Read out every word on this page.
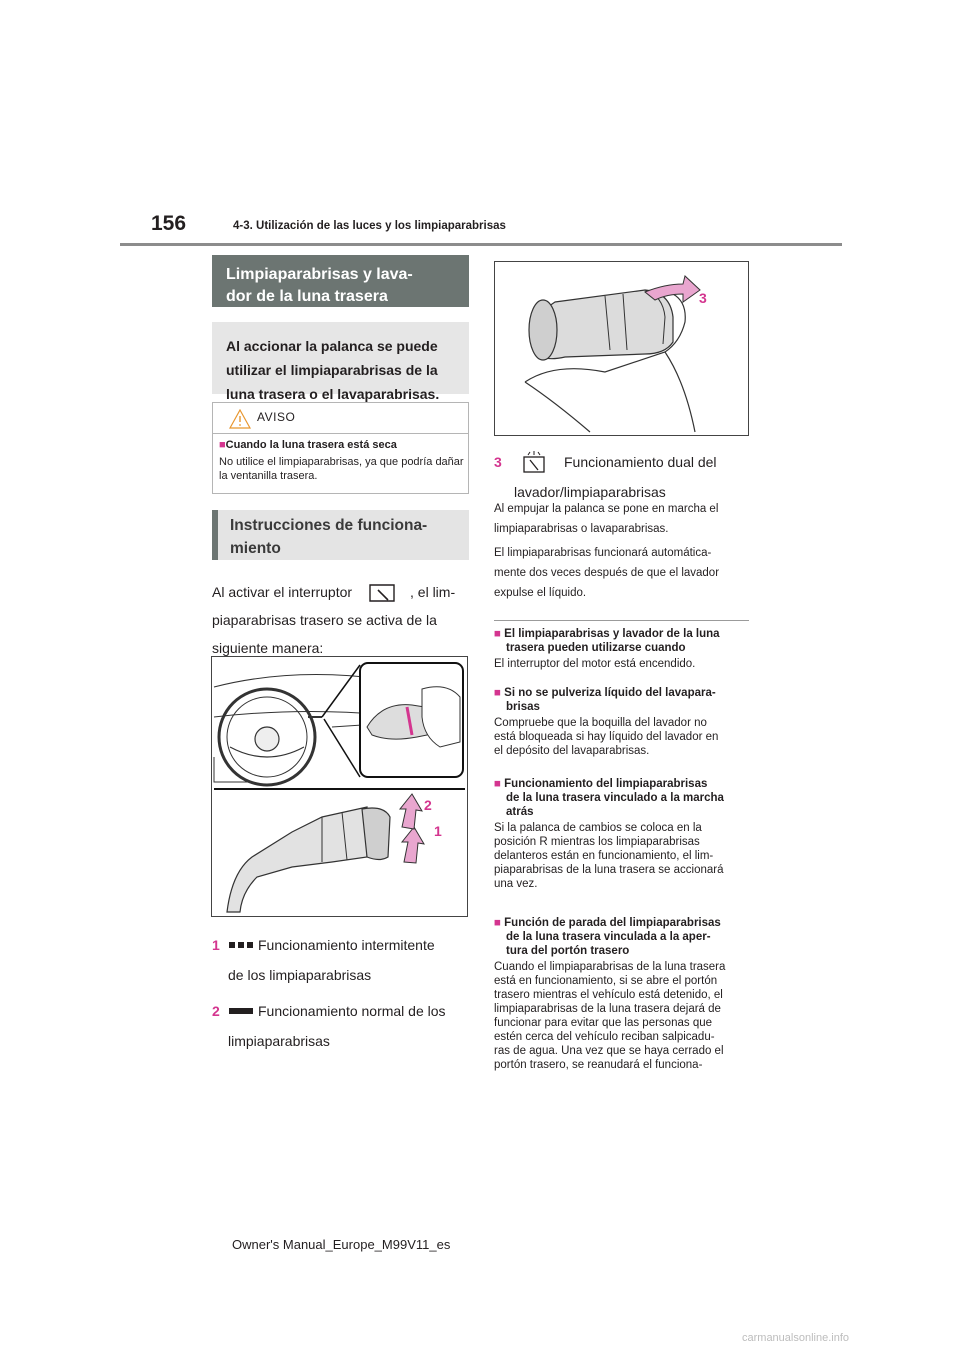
156	4-3. Utilización de las luces y los limpiaparabrisas
Limpiaparabrisas y lava-
dor de la luna trasera
Al accionar la palanca se puede utilizar el limpiaparabrisas de la luna trasera o el lavaparabrisas.
AVISO
■Cuando la luna trasera está seca
No utilice el limpiaparabrisas, ya que podría dañar la ventanilla trasera.
Instrucciones de funciona-
miento
Al activar el interruptor	, el lim-
piaparabrisas trasero se activa de la
siguiente manera:
2
1
1	Funcionamiento intermitente
de los limpiaparabrisas
2	Funcionamiento normal de los
limpiaparabrisas
3
3	Funcionamiento dual del
lavador/limpiaparabrisas
Al empujar la palanca se pone en marcha el
limpiaparabrisas o lavaparabrisas.
El limpiaparabrisas funcionará automática-
mente dos veces después de que el lavador
expulse el líquido.
■ El limpiaparabrisas y lavador de la luna
trasera pueden utilizarse cuando
El interruptor del motor está encendido.
■ Si no se pulveriza líquido del lavapara-
brisas
Compruebe que la boquilla del lavador no
está bloqueada si hay líquido del lavador en
el depósito del lavaparabrisas.
■ Funcionamiento del limpiaparabrisas
de la luna trasera vinculado a la marcha
atrás
Si la palanca de cambios se coloca en la
posición R mientras los limpiaparabrisas
delanteros están en funcionamiento, el lim-
piaparabrisas de la luna trasera se accionará
una vez.
■ Función de parada del limpiaparabrisas
de la luna trasera vinculada a la aper-
tura del portón trasero
Cuando el limpiaparabrisas de la luna trasera
está en funcionamiento, si se abre el portón
trasero mientras el vehículo está detenido, el
limpiaparabrisas de la luna trasera dejará de
funcionar para evitar que las personas que
estén cerca del vehículo reciban salpicadu-
ras de agua. Una vez que se haya cerrado el
portón trasero, se reanudará el funciona-
Owner's Manual_Europe_M99V11_es
carmanualsonline.info
